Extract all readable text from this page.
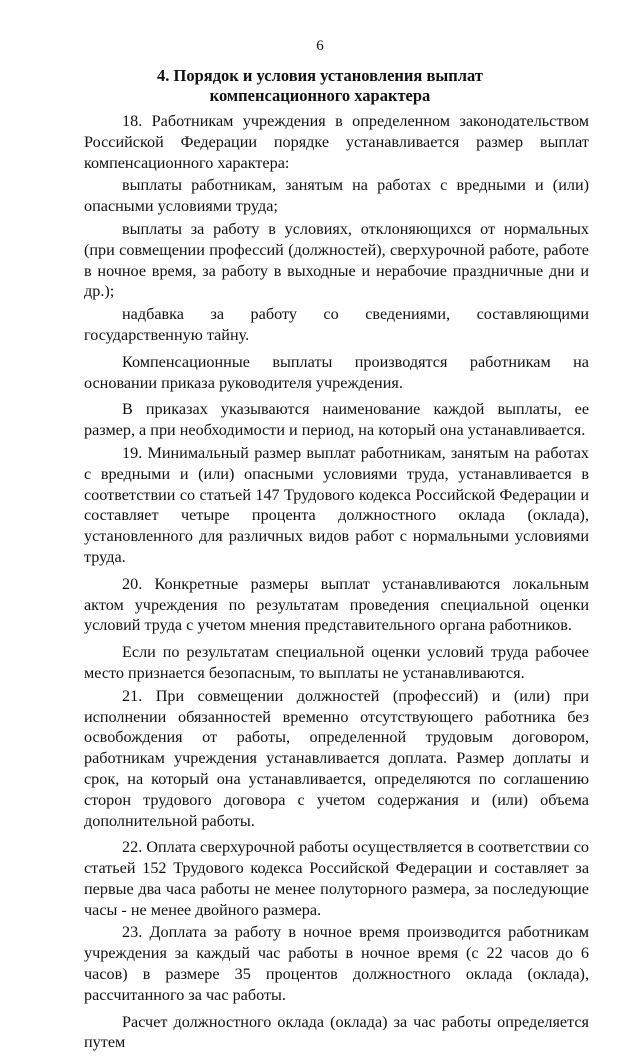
6
4. Порядок и условия установления выплат
компенсационного характера

18. Работникам учреждения в определенном законодательством Российской Федерации порядке устанавливается размер выплат компенсационного характера:

выплаты работникам, занятым на работах с вредными и (или) опасными условиями труда;

выплаты за работу в условиях, отклоняющихся от нормальных (при совмещении профессий (должностей), сверхурочной работе, работе в ночное время, за работу в выходные и нерабочие праздничные дни и др.);

надбавка за работу со сведениями, составляющими государственную тайну.

Компенсационные выплаты производятся работникам на основании приказа руководителя учреждения.

В приказах указываются наименование каждой выплаты, ее размер, а при необходимости и период, на который она устанавливается.

19. Минимальный размер выплат работникам, занятым на работах с вредными и (или) опасными условиями труда, устанавливается в соответствии со статьей 147 Трудового кодекса Российской Федерации и составляет четыре процента должностного оклада (оклада), установленного для различных видов работ с нормальными условиями труда.

20. Конкретные размеры выплат устанавливаются локальным актом учреждения по результатам проведения специальной оценки условий труда с учетом мнения представительного органа работников.

Если по результатам специальной оценки условий труда рабочее место признается безопасным, то выплаты не устанавливаются.

21. При совмещении должностей (профессий) и (или) при исполнении обязанностей временно отсутствующего работника без освобождения от работы, определенной трудовым договором, работникам учреждения устанавливается доплата. Размер доплаты и срок, на который она устанавливается, определяются по соглашению сторон трудового договора с учетом содержания и (или) объема дополнительной работы.

22. Оплата сверхурочной работы осуществляется в соответствии со статьей 152 Трудового кодекса Российской Федерации и составляет за первые два часа работы не менее полуторного размера, за последующие часы - не менее двойного размера.

23. Доплата за работу в ночное время производится работникам учреждения за каждый час работы в ночное время (с 22 часов до 6 часов) в размере 35 процентов должностного оклада (оклада), рассчитанного за час работы.

Расчет должностного оклада (оклада) за час работы определяется путем
